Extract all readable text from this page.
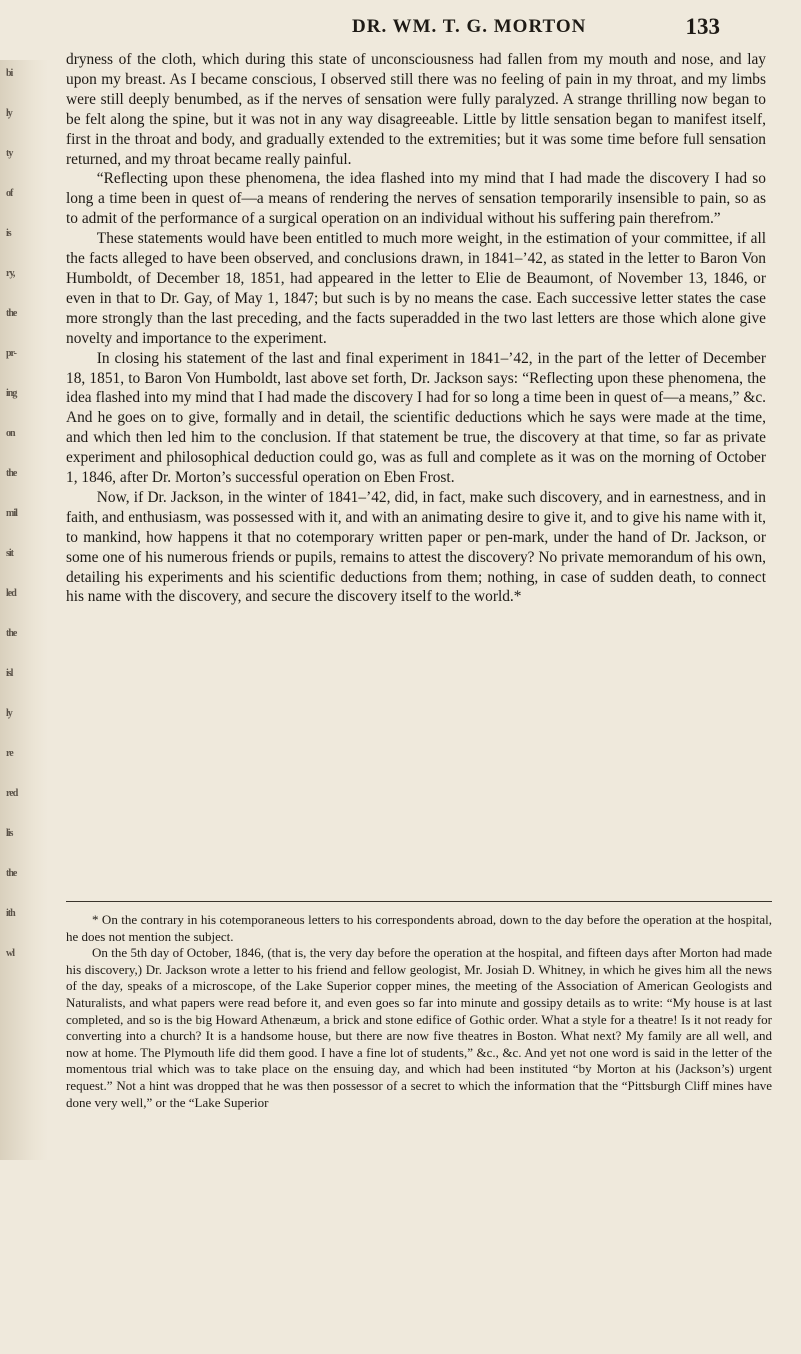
bi
ly
ty
of
is
ry,
the
pr-
ing
on
the
mil
sit
led
the
isl
ly
re
red
lis
the
ith
wl
DR. WM. T. G. MORTON	133

dryness of the cloth, which during this state of unconsciousness had fallen from my mouth and nose, and lay upon my breast. As I became conscious, I observed still there was no feeling of pain in my throat, and my limbs were still deeply benumbed, as if the nerves of sensation were fully paralyzed. A strange thrilling now began to be felt along the spine, but it was not in any way disagreeable. Little by little sensation began to manifest itself, first in the throat and body, and gradually extended to the extremities; but it was some time before full sensation returned, and my throat became really painful.

“Reflecting upon these phenomena, the idea flashed into my mind that I had made the discovery I had so long a time been in quest of—a means of rendering the nerves of sensation temporarily insensible to pain, so as to admit of the performance of a surgical operation on an individual without his suffering pain therefrom.”

These statements would have been entitled to much more weight, in the estimation of your committee, if all the facts alleged to have been observed, and conclusions drawn, in 1841–’42, as stated in the letter to Baron Von Humboldt, of December 18, 1851, had appeared in the letter to Elie de Beaumont, of November 13, 1846, or even in that to Dr. Gay, of May 1, 1847; but such is by no means the case. Each successive letter states the case more strongly than the last preceding, and the facts superadded in the two last letters are those which alone give novelty and importance to the experiment.

In closing his statement of the last and final experiment in 1841–’42, in the part of the letter of December 18, 1851, to Baron Von Humboldt, last above set forth, Dr. Jackson says: “Reflecting upon these phenomena, the idea flashed into my mind that I had made the discovery I had for so long a time been in quest of—a means,” &c. And he goes on to give, formally and in detail, the scientific deductions which he says were made at the time, and which then led him to the conclusion. If that statement be true, the discovery at that time, so far as private experiment and philosophical deduction could go, was as full and complete as it was on the morning of October 1, 1846, after Dr. Morton’s successful operation on Eben Frost.

Now, if Dr. Jackson, in the winter of 1841–’42, did, in fact, make such discovery, and in earnestness, and in faith, and enthusiasm, was possessed with it, and with an animating desire to give it, and to give his name with it, to mankind, how happens it that no cotemporary written paper or pen-mark, under the hand of Dr. Jackson, or some one of his numerous friends or pupils, remains to attest the discovery? No private memorandum of his own, detailing his experiments and his scientific deductions from them; nothing, in case of sudden death, to connect his name with the discovery, and secure the discovery itself to the world.*

* On the contrary in his cotemporaneous letters to his correspondents abroad, down to the day before the operation at the hospital, he does not mention the subject.

On the 5th day of October, 1846, (that is, the very day before the operation at the hospital, and fifteen days after Morton had made his discovery,) Dr. Jackson wrote a letter to his friend and fellow geologist, Mr. Josiah D. Whitney, in which he gives him all the news of the day, speaks of a microscope, of the Lake Superior copper mines, the meeting of the Association of American Geologists and Naturalists, and what papers were read before it, and even goes so far into minute and gossipy details as to write: “My house is at last completed, and so is the big Howard Athenæum, a brick and stone edifice of Gothic order. What a style for a theatre! Is it not ready for converting into a church? It is a handsome house, but there are now five theatres in Boston. What next? My family are all well, and now at home. The Plymouth life did them good. I have a fine lot of students,” &c., &c. And yet not one word is said in the letter of the momentous trial which was to take place on the ensuing day, and which had been instituted “by Morton at his (Jackson’s) urgent request.” Not a hint was dropped that he was then possessor of a secret to which the information that the “Pittsburgh Cliff mines have done very well,” or the “Lake Superior
